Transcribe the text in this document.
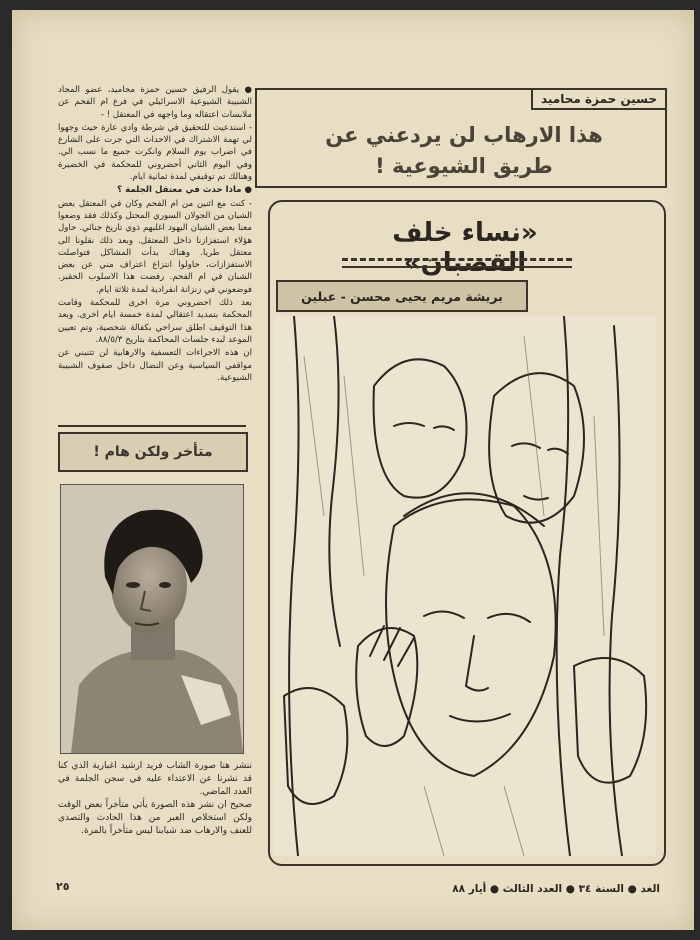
حسين حمزة محاميد
هذا الارهاب لن يردعني عن
طريق الشيوعية !

● يقول الرفيق حسين حمزة محاميد، عضو المجاد الشبيبة الشيوعية الاسرائيلي في فرع ام الفحم عن ملابسات اعتقاله وما واجهه في المعتقل ! -

- استدعيت للتحقيق في شرطة وادي عارة حيث وجهوا لي تهمة الاشتراك في الاحداث التي جرت على الشارع في اضراب يوم السلام وانكرت جميع ما نسب الي. وفي اليوم الثاني أحضروني للمحكمة في الخضيرة وهنالك تم توقيفي لمدة ثمانية ايام.

● ماذا حدث في معتقل الجلمة ؟

- كنت مع اثنين من ام الفحم وكان في المعتقل بعض الشبان من الجولان السوري المحتل وكذلك فقد وضعوا معنا بعض الشبان اليهود اغلبهم ذوي تاريخ جنائي. حاول هؤلاء استفزازنا داخل المعتقل. وبعد ذلك نقلونا الى معتقل طريا. وهناك بدأت المشاكل فتواصلت الاستفزازات، حاولوا انتزاع اعتراف مني عن بعض الشبان في ام الفحم. رفضت هذا الاسلوب الحقير. فوضعوني في زنزانة انفرادية لمدة ثلاثة ايام.

بعد ذلك احضروني مرة اخرى للمحكمة وقامت المحكمة بتمديد اعتقالي لمدة خمسة ايام اخرى. وبعد هذا التوقيف اطلق سراحي بكفالة شخصية، وتم تعيين الموعد لبدء جلسات المحاكمة بتاريخ ٨٨/٥/٣.

ان هذه الاجراءات التعسفية والارهابية لن تثنيني عن مواقفي السياسية وعن النضال داخل صفوف الشبيبة الشيوعية.

متأخر ولكن هام !
ننشر هنا صورة الشاب فريد ارشيد اغبارية الذي كنا قد نشرنا عن الاعتداء عليه في سجن الجلمة في العدد الماضي.
صحيح ان نشر هذه الصورة يأتي متأخراً بعض الوقت ولكن استخلاص العبر من هذا الحادث والتصدي للعنف والارهاب ضد شبابنا ليس متأخراً بالمرة.
«نساء خلف القضبان»
بريشة مريم يحيى محسن - عبلين
الغد ● السنة ٣٤ ● العدد الثالث ● أيار ٨٨
٢٥
